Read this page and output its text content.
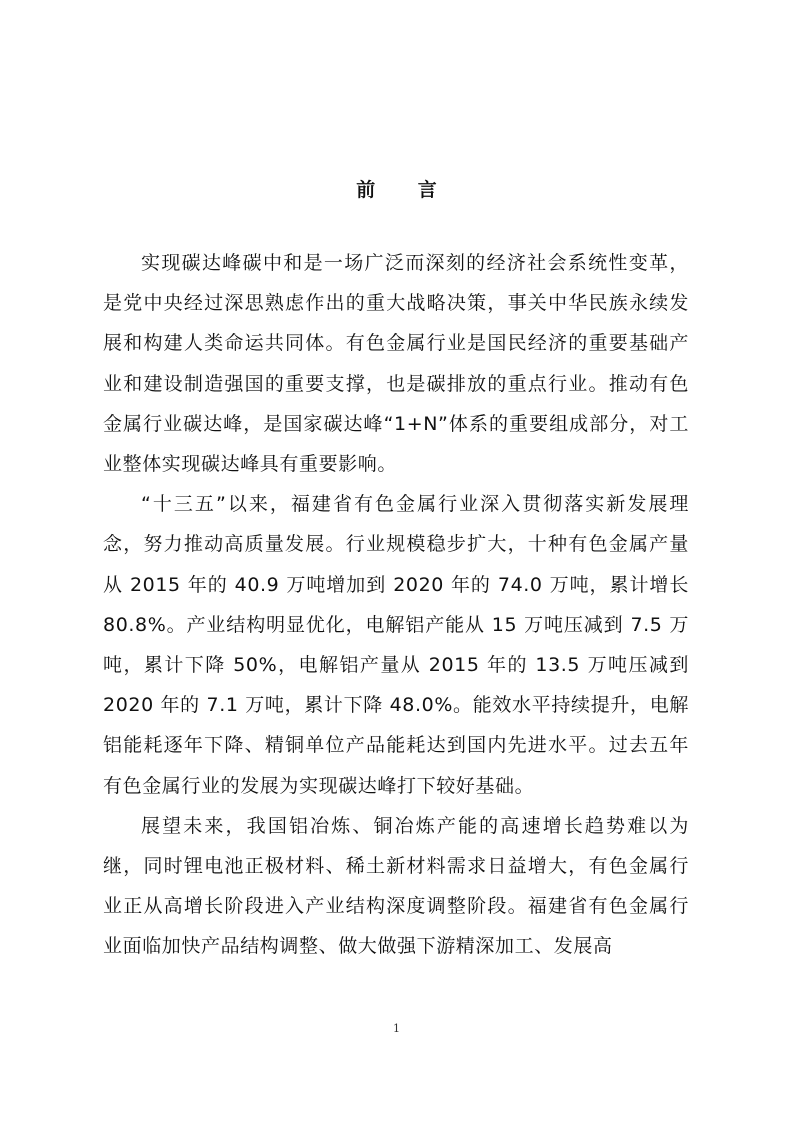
前 言

实现碳达峰碳中和是一场广泛而深刻的经济社会系统性变革，是党中央经过深思熟虑作出的重大战略决策，事关中华民族永续发展和构建人类命运共同体。有色金属行业是国民经济的重要基础产业和建设制造强国的重要支撑，也是碳排放的重点行业。推动有色金属行业碳达峰，是国家碳达峰“1+N”体系的重要组成部分，对工业整体实现碳达峰具有重要影响。

“十三五”以来，福建省有色金属行业深入贯彻落实新发展理念，努力推动高质量发展。行业规模稳步扩大，十种有色金属产量从 2015 年的 40.9 万吨增加到 2020 年的 74.0 万吨，累计增长 80.8%。产业结构明显优化，电解铝产能从 15 万吨压减到 7.5 万吨，累计下降 50%，电解铝产量从 2015 年的 13.5 万吨压减到 2020 年的 7.1 万吨，累计下降 48.0%。能效水平持续提升，电解铝能耗逐年下降、精铜单位产品能耗达到国内先进水平。过去五年有色金属行业的发展为实现碳达峰打下较好基础。

展望未来，我国铝冶炼、铜冶炼产能的高速增长趋势难以为继，同时锂电池正极材料、稀土新材料需求日益增大，有色金属行业正从高增长阶段进入产业结构深度调整阶段。福建省有色金属行业面临加快产品结构调整、做大做强下游精深加工、发展高

1
